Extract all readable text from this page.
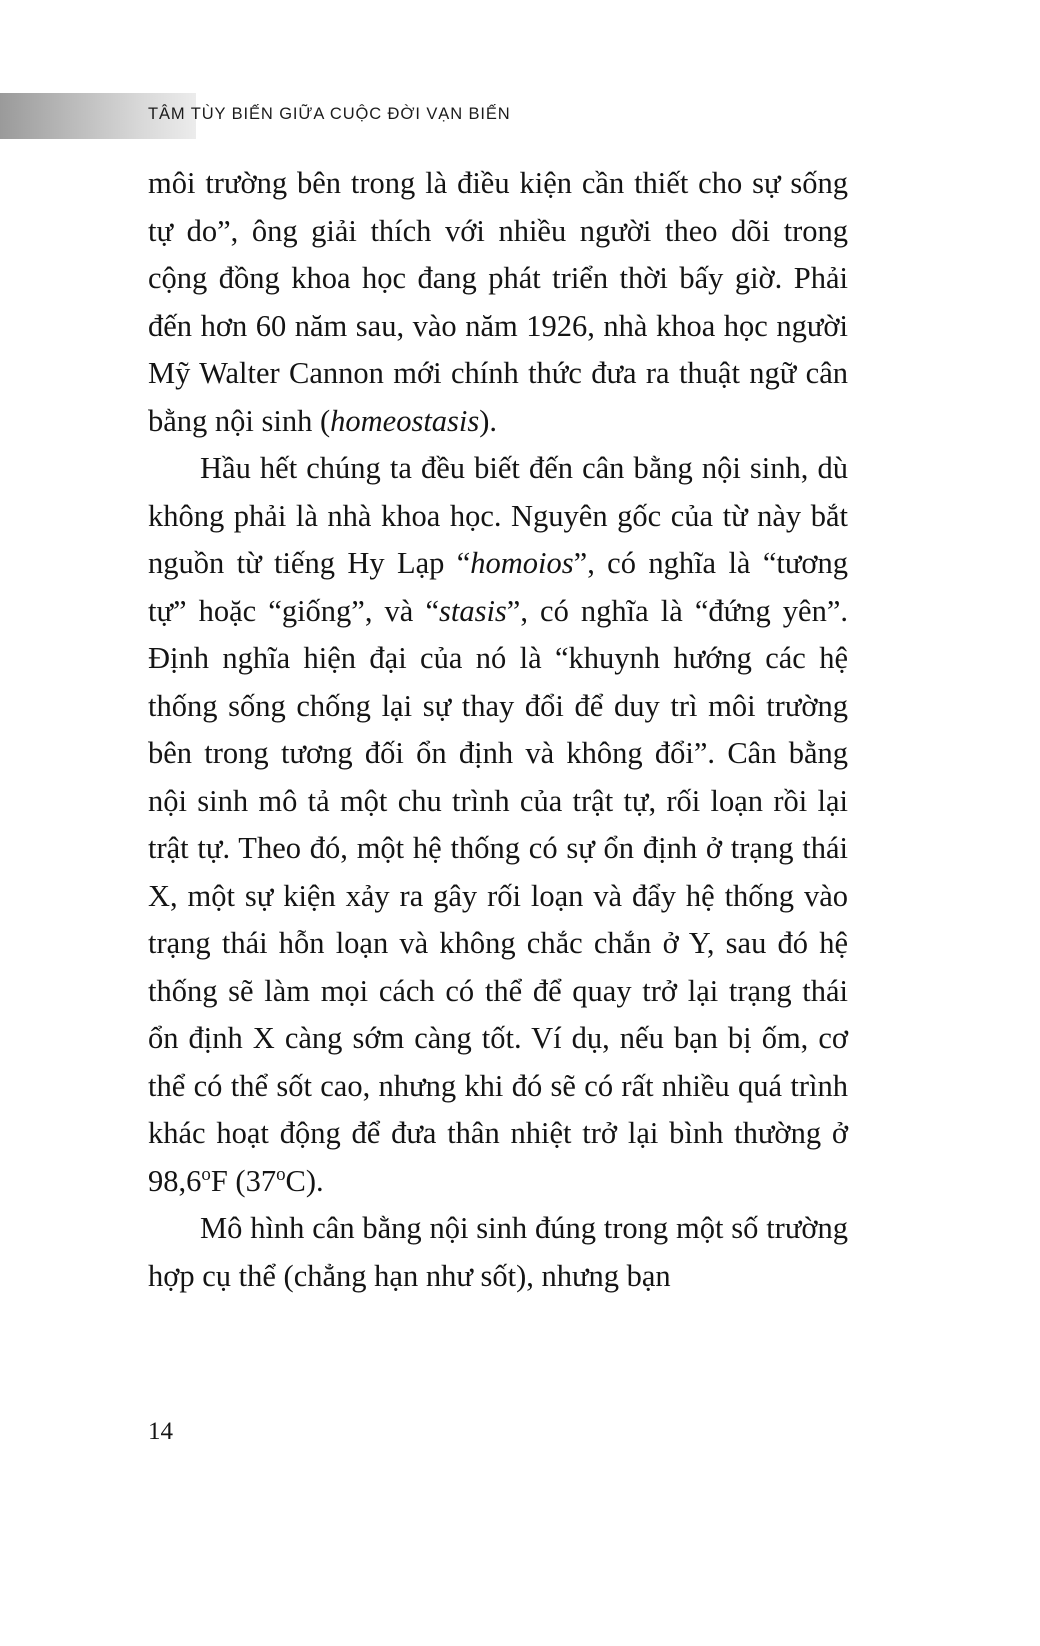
TÂM TÙY BIẾN GIỮA CUỘC ĐỜI VẠN BIẾN

môi trường bên trong là điều kiện cần thiết cho sự sống tự do”, ông giải thích với nhiều người theo dõi trong cộng đồng khoa học đang phát triển thời bấy giờ. Phải đến hơn 60 năm sau, vào năm 1926, nhà khoa học người Mỹ Walter Cannon mới chính thức đưa ra thuật ngữ cân bằng nội sinh (homeostasis).

Hầu hết chúng ta đều biết đến cân bằng nội sinh, dù không phải là nhà khoa học. Nguyên gốc của từ này bắt nguồn từ tiếng Hy Lạp “homoios”, có nghĩa là “tương tự” hoặc “giống”, và “stasis”, có nghĩa là “đứng yên”. Định nghĩa hiện đại của nó là “khuynh hướng các hệ thống sống chống lại sự thay đổi để duy trì môi trường bên trong tương đối ổn định và không đổi”. Cân bằng nội sinh mô tả một chu trình của trật tự, rối loạn rồi lại trật tự. Theo đó, một hệ thống có sự ổn định ở trạng thái X, một sự kiện xảy ra gây rối loạn và đẩy hệ thống vào trạng thái hỗn loạn và không chắc chắn ở Y, sau đó hệ thống sẽ làm mọi cách có thể để quay trở lại trạng thái ổn định X càng sớm càng tốt. Ví dụ, nếu bạn bị ốm, cơ thể có thể sốt cao, nhưng khi đó sẽ có rất nhiều quá trình khác hoạt động để đưa thân nhiệt trở lại bình thường ở 98,6$^o$F (37$^o$C).

Mô hình cân bằng nội sinh đúng trong một số trường hợp cụ thể (chẳng hạn như sốt), nhưng bạn

14
